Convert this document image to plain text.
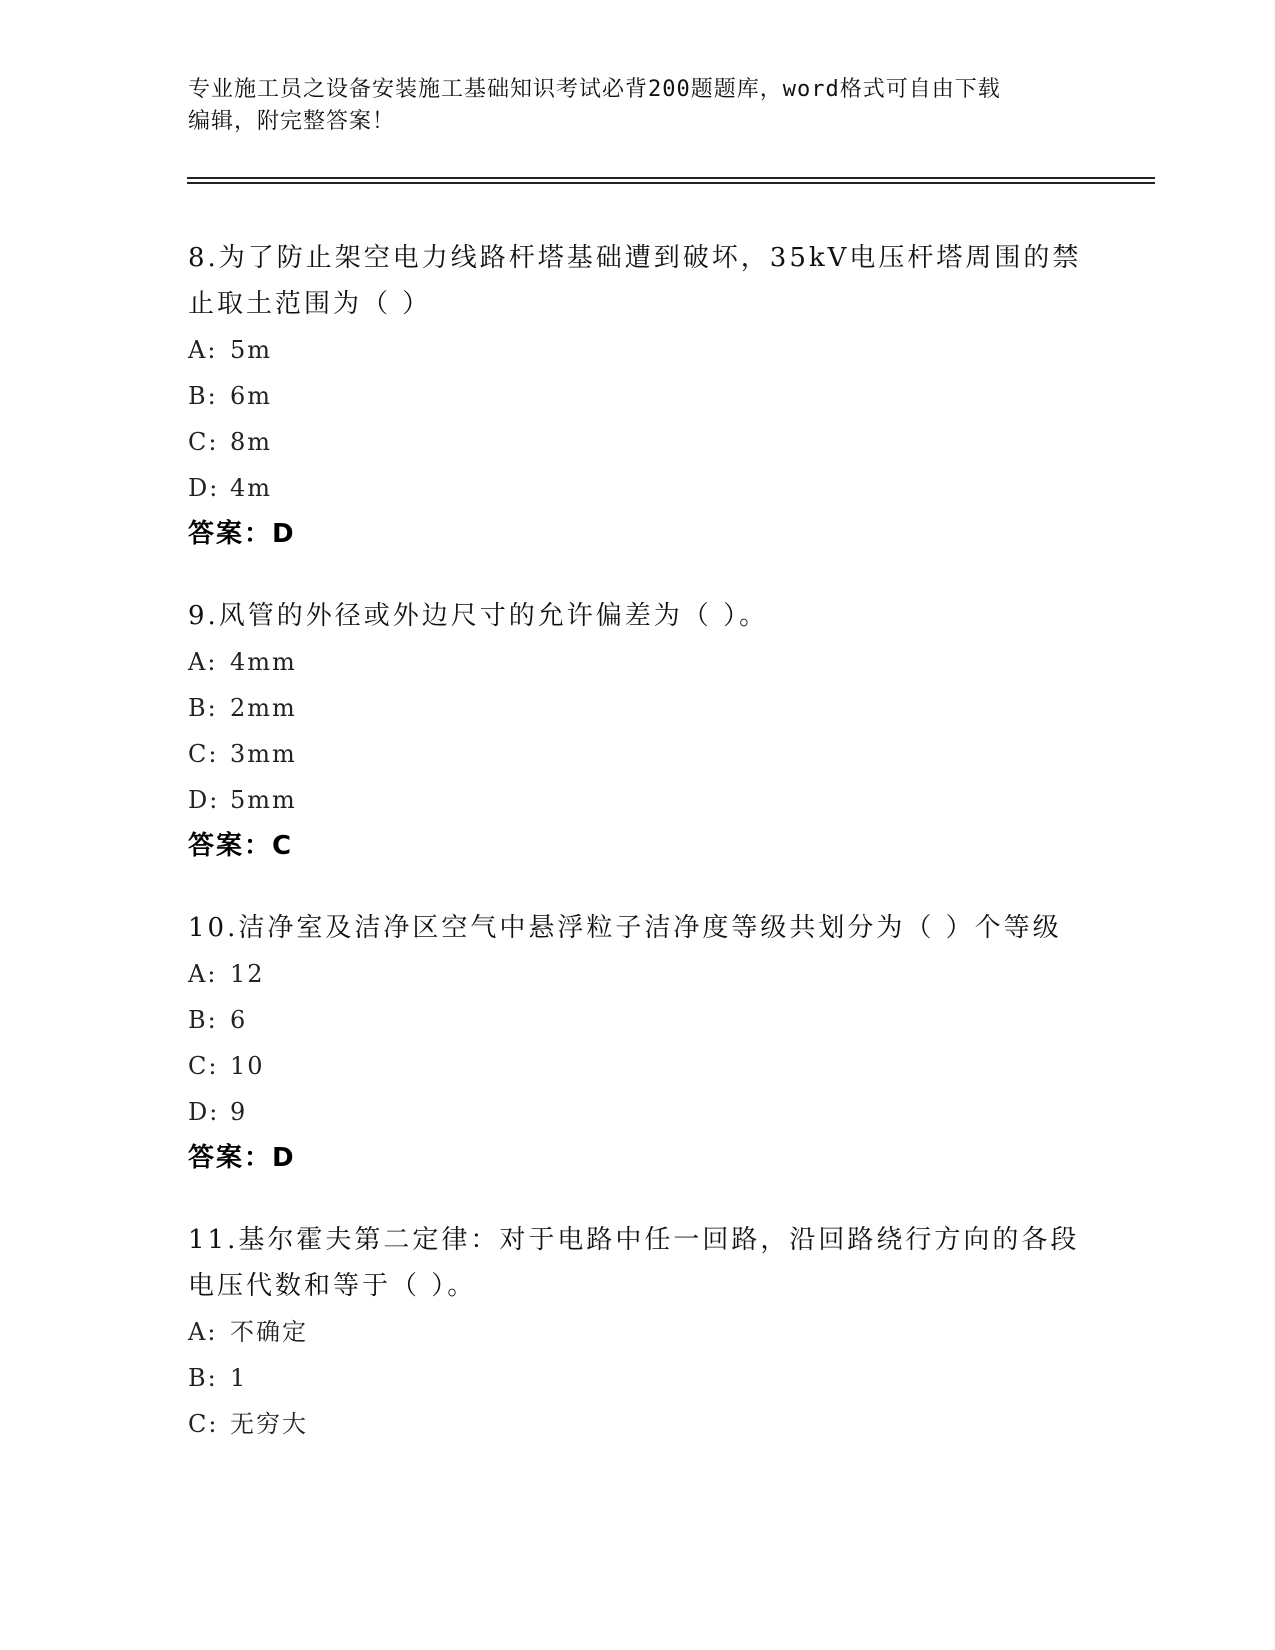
专业施工员之设备安装施工基础知识考试必背200题题库，word格式可自由下载
编辑，附完整答案！
8.为了防止架空电力线路杆塔基础遭到破坏，35kV电压杆塔周围的禁
止取土范围为（ ）
A: 5m
B: 6m
C: 8m
D: 4m
答案：D
9.风管的外径或外边尺寸的允许偏差为（ ）。
A: 4mm
B: 2mm
C: 3mm
D: 5mm
答案：C
10.洁净室及洁净区空气中悬浮粒子洁净度等级共划分为（ ）个等级
A: 12
B: 6
C: 10
D: 9
答案：D
11.基尔霍夫第二定律：对于电路中任一回路，沿回路绕行方向的各段
电压代数和等于（ ）。
A: 不确定
B: 1
C: 无穷大
